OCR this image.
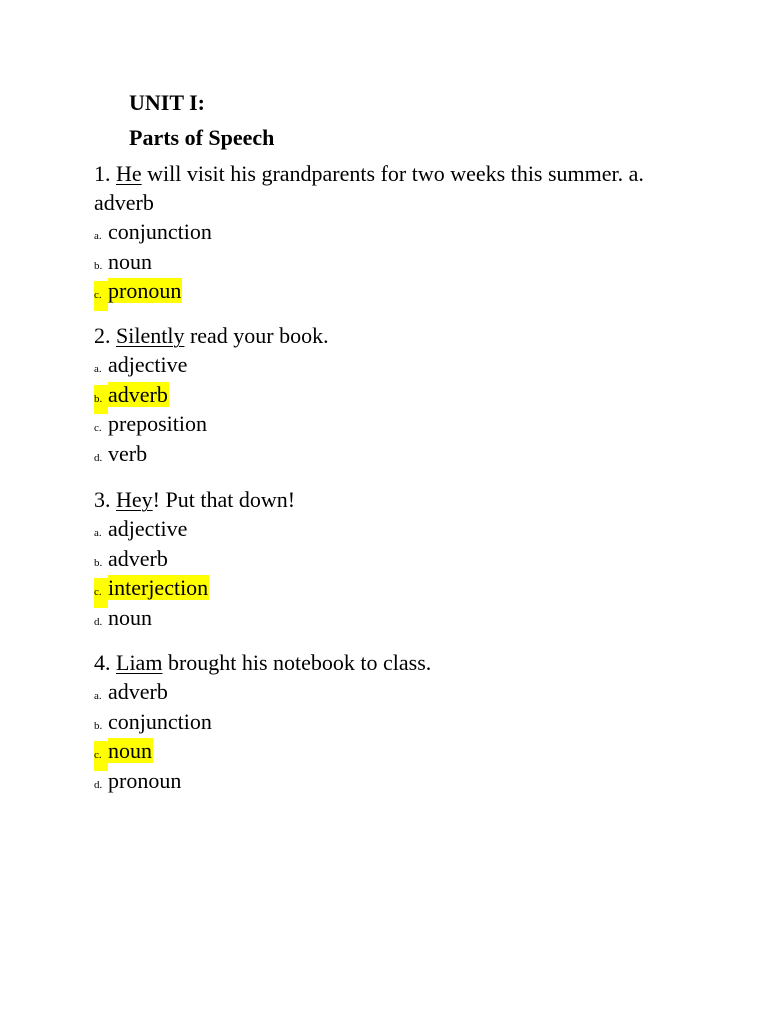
UNIT I:
Parts of Speech

1. He will visit his grandparents for two weeks this summer. a. adverb

a. conjunction
b. noun
c. pronoun

2. Silently read your book.

a. adjective
b. adverb
c. preposition
d. verb

3. Hey! Put that down!

a. adjective
b. adverb
c. interjection
d. noun

4. Liam brought his notebook to class.

a. adverb
b. conjunction
c. noun
d. pronoun
